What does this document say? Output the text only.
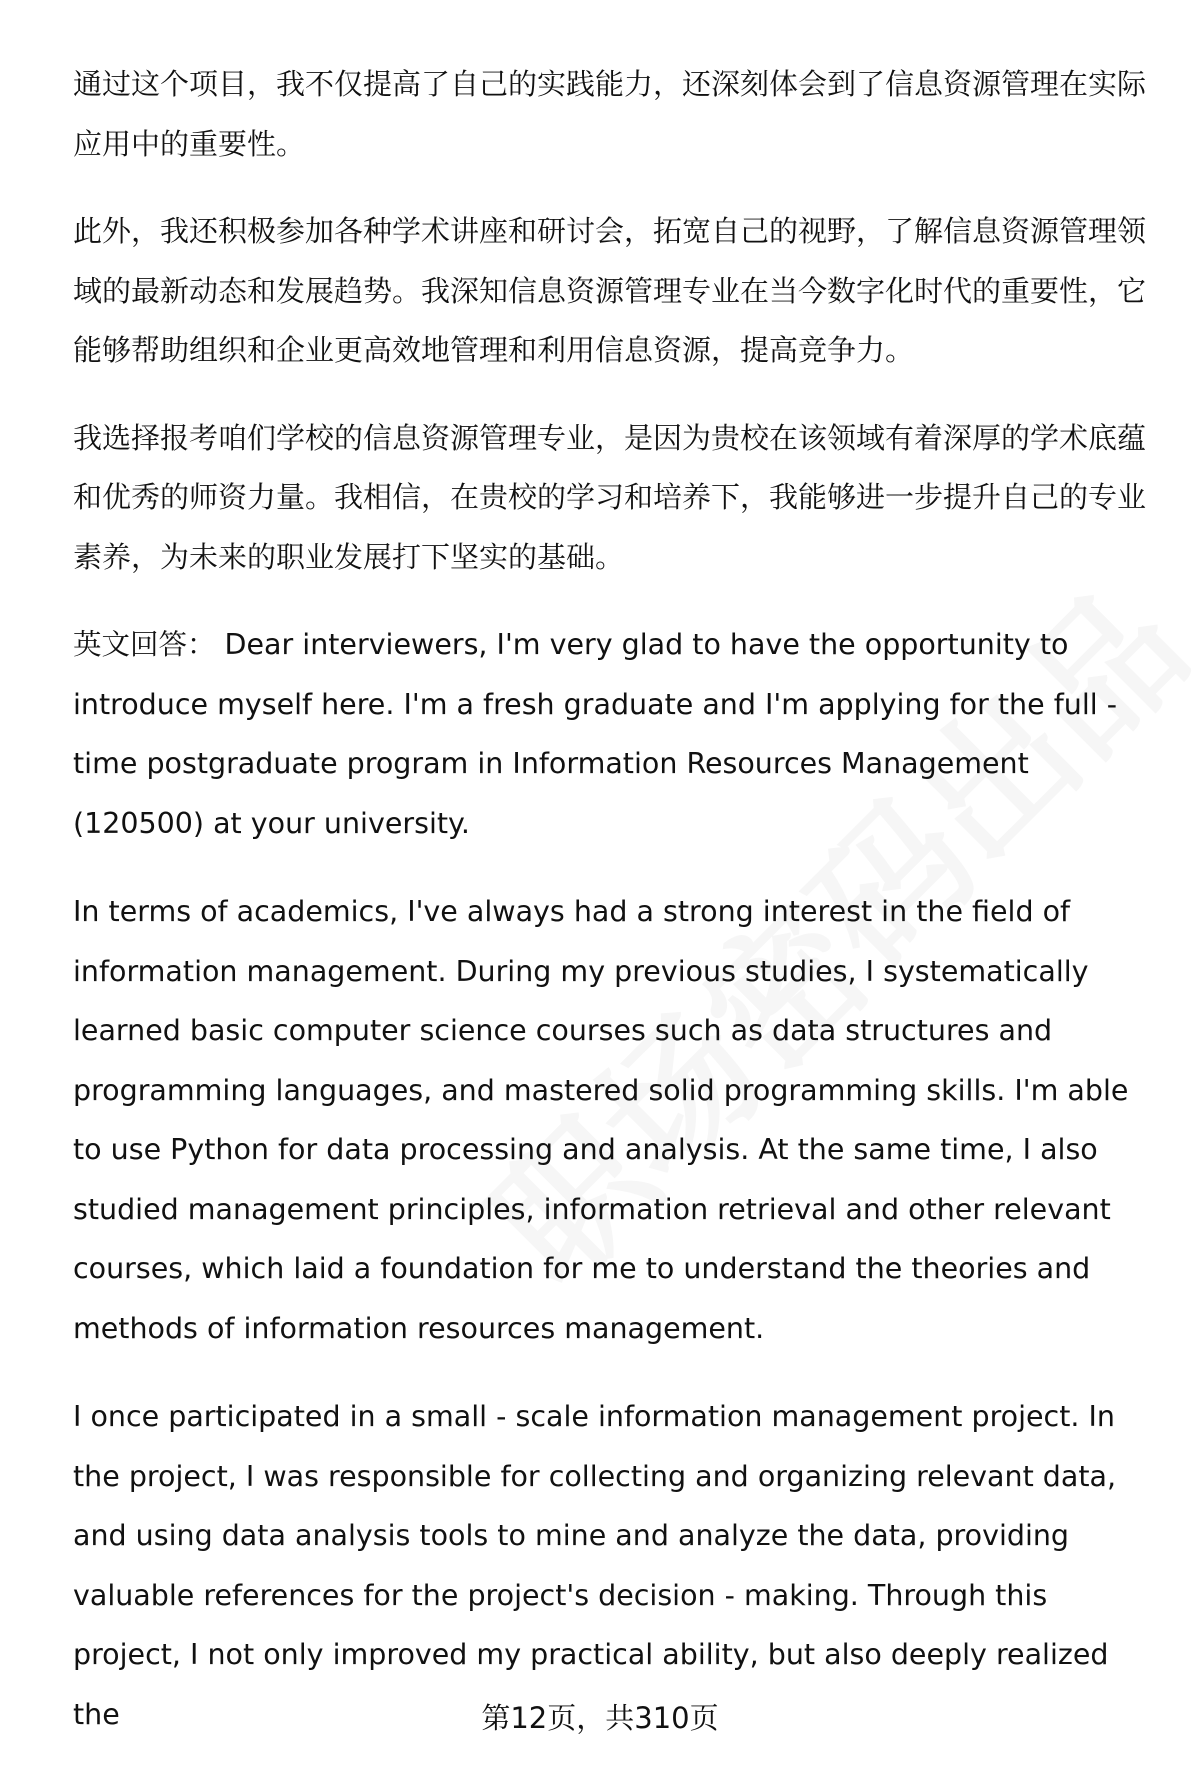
通过这个项目，我不仅提高了自己的实践能力，还深刻体会到了信息资源管理在实际应用中的重要性。

此外，我还积极参加各种学术讲座和研讨会，拓宽自己的视野，了解信息资源管理领域的最新动态和发展趋势。我深知信息资源管理专业在当今数字化时代的重要性，它能够帮助组织和企业更高效地管理和利用信息资源，提高竞争力。

我选择报考咱们学校的信息资源管理专业，是因为贵校在该领域有着深厚的学术底蕴和优秀的师资力量。我相信，在贵校的学习和培养下，我能够进一步提升自己的专业素养，为未来的职业发展打下坚实的基础。

英文回答： Dear interviewers, I'm very glad to have the opportunity to introduce myself here. I'm a fresh graduate and I'm applying for the full - time postgraduate program in Information Resources Management (120500) at your university.

In terms of academics, I've always had a strong interest in the field of information management. During my previous studies, I systematically learned basic computer science courses such as data structures and programming languages, and mastered solid programming skills. I'm able to use Python for data processing and analysis. At the same time, I also studied management principles, information retrieval and other relevant courses, which laid a foundation for me to understand the theories and methods of information resources management.

I once participated in a small - scale information management project. In the project, I was responsible for collecting and organizing relevant data, and using data analysis tools to mine and analyze the data, providing valuable references for the project's decision - making. Through this project, I not only improved my practical ability, but also deeply realized the	第12页，共310页
